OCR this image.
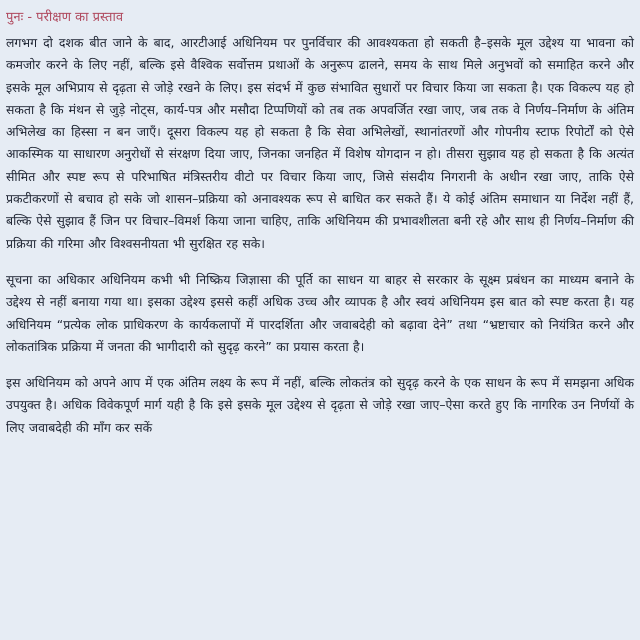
पुनः - परीक्षण का प्रस्ताव

लगभग दो दशक बीत जाने के बाद, आरटीआई अधिनियम पर पुनर्विचार की आवश्यकता हो सकती है–इसके मूल उद्देश्य या भावना को कमजोर करने के लिए नहीं, बल्कि इसे वैश्विक सर्वोत्तम प्रथाओं के अनुरूप ढालने, समय के साथ मिले अनुभवों को समाहित करने और इसके मूल अभिप्राय से दृढ़ता से जोड़े रखने के लिए। इस संदर्भ में कुछ संभावित सुधारों पर विचार किया जा सकता है। एक विकल्प यह हो सकता है कि मंथन से जुड़े नोट्स, कार्य-पत्र और मसौदा टिप्पणियों को तब तक अपवर्जित रखा जाए, जब तक वे निर्णय–निर्माण के अंतिम अभिलेख का हिस्सा न बन जाएँ। दूसरा विकल्प यह हो सकता है कि सेवा अभिलेखों, स्थानांतरणों और गोपनीय स्टाफ रिपोर्टों को ऐसे आकस्मिक या साधारण अनुरोधों से संरक्षण दिया जाए, जिनका जनहित में विशेष योगदान न हो। तीसरा सुझाव यह हो सकता है कि अत्यंत सीमित और स्पष्ट रूप से परिभाषित मंत्रिस्तरीय वीटो पर विचार किया जाए, जिसे संसदीय निगरानी के अधीन रखा जाए, ताकि ऐसे प्रकटीकरणों से बचाव हो सके जो शासन–प्रक्रिया को अनावश्यक रूप से बाधित कर सकते हैं। ये कोई अंतिम समाधान या निर्देश नहीं हैं, बल्कि ऐसे सुझाव हैं जिन पर विचार–विमर्श किया जाना चाहिए, ताकि अधिनियम की प्रभावशीलता बनी रहे और साथ ही निर्णय–निर्माण की प्रक्रिया की गरिमा और विश्वसनीयता भी सुरक्षित रह सके।

सूचना का अधिकार अधिनियम कभी भी निष्क्रिय जिज्ञासा की पूर्ति का साधन या बाहर से सरकार के सूक्ष्म प्रबंधन का माध्यम बनाने के उद्देश्य से नहीं बनाया गया था। इसका उद्देश्य इससे कहीं अधिक उच्च और व्यापक है और स्वयं अधिनियम इस बात को स्पष्ट करता है। यह अधिनियम “प्रत्येक लोक प्राधिकरण के कार्यकलापों में पारदर्शिता और जवाबदेही को बढ़ावा देने” तथा “भ्रष्टाचार को नियंत्रित करने और लोकतांत्रिक प्रक्रिया में जनता की भागीदारी को सुदृढ़ करने” का प्रयास करता है।

इस अधिनियम को अपने आप में एक अंतिम लक्ष्य के रूप में नहीं, बल्कि लोकतंत्र को सुदृढ़ करने के एक साधन के रूप में समझना अधिक उपयुक्त है। अधिक विवेकपूर्ण मार्ग यही है कि इसे इसके मूल उद्देश्य से दृढ़ता से जोड़े रखा जाए–ऐसा करते हुए कि नागरिक उन निर्णयों के लिए जवाबदेही की माँग कर सकें
